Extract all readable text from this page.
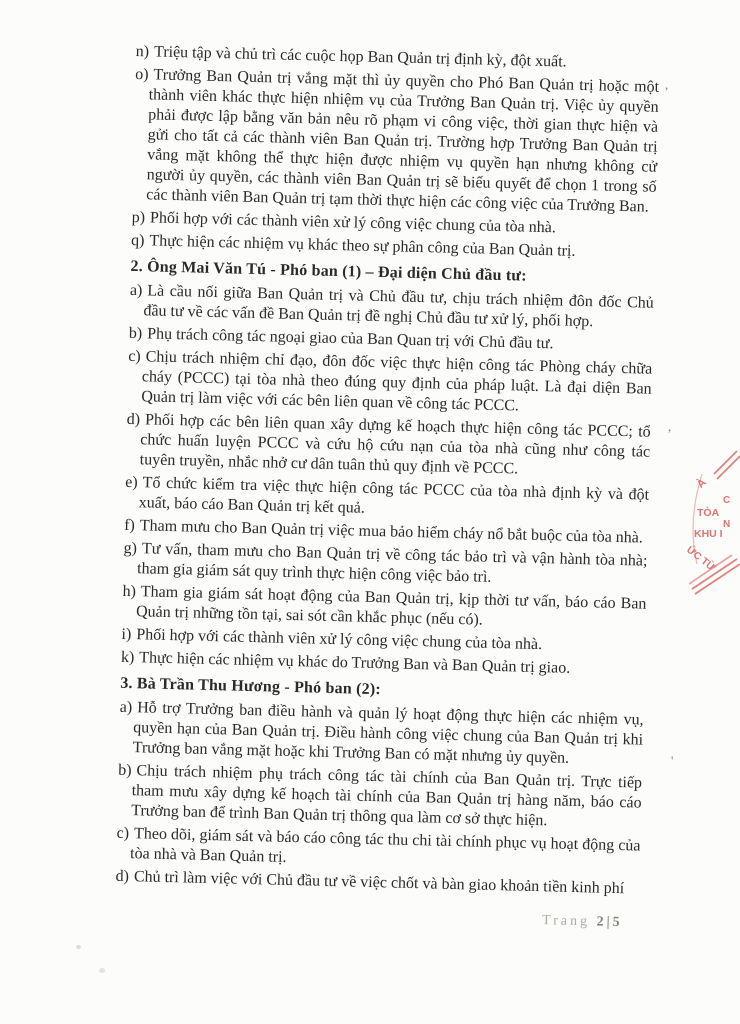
n) Triệu tập và chủ trì các cuộc họp Ban Quản trị định kỳ, đột xuất.

o) Trưởng Ban Quản trị vắng mặt thì ủy quyền cho Phó Ban Quản trị hoặc một thành viên khác thực hiện nhiệm vụ của Trưởng Ban Quản trị. Việc ủy quyền phải được lập bằng văn bản nêu rõ phạm vi công việc, thời gian thực hiện và gửi cho tất cả các thành viên Ban Quản trị. Trường hợp Trưởng Ban Quản trị vắng mặt không thể thực hiện được nhiệm vụ quyền hạn nhưng không cử người ủy quyền, các thành viên Ban Quản trị sẽ biểu quyết để chọn 1 trong số các thành viên Ban Quản trị tạm thời thực hiện các công việc của Trưởng Ban.

p) Phối hợp với các thành viên xử lý công việc chung của tòa nhà.

q) Thực hiện các nhiệm vụ khác theo sự phân công của Ban Quản trị.

2. Ông Mai Văn Tú - Phó ban (1) – Đại diện Chủ đầu tư:

a) Là cầu nối giữa Ban Quản trị và Chủ đầu tư, chịu trách nhiệm đôn đốc Chủ đầu tư về các vấn đề Ban Quản trị đề nghị Chủ đầu tư xử lý, phối hợp.

b) Phụ trách công tác ngoại giao của Ban Quan trị với Chủ đầu tư.

c) Chịu trách nhiệm chỉ đạo, đôn đốc việc thực hiện công tác Phòng cháy chữa cháy (PCCC) tại tòa nhà theo đúng quy định của pháp luật. Là đại diện Ban Quản trị làm việc với các bên liên quan về công tác PCCC.

d) Phối hợp các bên liên quan xây dựng kế hoạch thực hiện công tác PCCC; tổ chức huấn luyện PCCC và cứu hộ cứu nạn của tòa nhà cũng như công tác tuyên truyền, nhắc nhở cư dân tuân thủ quy định về PCCC.

e) Tổ chức kiểm tra việc thực hiện công tác PCCC của tòa nhà định kỳ và đột xuất, báo cáo Ban Quản trị kết quả.

f) Tham mưu cho Ban Quản trị việc mua bảo hiểm cháy nổ bắt buộc của tòa nhà.

g) Tư vấn, tham mưu cho Ban Quản trị về công tác bảo trì và vận hành tòa nhà; tham gia giám sát quy trình thực hiện công việc bảo trì.

h) Tham gia giám sát hoạt động của Ban Quản trị, kịp thời tư vấn, báo cáo Ban Quản trị những tồn tại, sai sót cần khắc phục (nếu có).

i) Phối hợp với các thành viên xử lý công việc chung của tòa nhà.

k) Thực hiện các nhiệm vụ khác do Trưởng Ban và Ban Quản trị giao.

3. Bà Trần Thu Hương - Phó ban (2):

a) Hỗ trợ Trưởng ban điều hành và quản lý hoạt động thực hiện các nhiệm vụ, quyền hạn của Ban Quản trị. Điều hành công việc chung của Ban Quản trị khi Trưởng ban vắng mặt hoặc khi Trưởng Ban có mặt nhưng ủy quyền.

b) Chịu trách nhiệm phụ trách công tác tài chính của Ban Quản trị. Trực tiếp tham mưu xây dựng kế hoạch tài chính của Ban Quản trị hàng năm, báo cáo Trưởng ban để trình Ban Quản trị thông qua làm cơ sở thực hiện.

c) Theo dõi, giám sát và báo cáo công tác thu chi tài chính phục vụ hoạt động của tòa nhà và Ban Quản trị.

d) Chủ trì làm việc với Chủ đầu tư về việc chốt và bàn giao khoản tiền kinh phí

Trang 2|5
À
C
TÒA
N
KHU I
ỨC TỪ
,
,
'
